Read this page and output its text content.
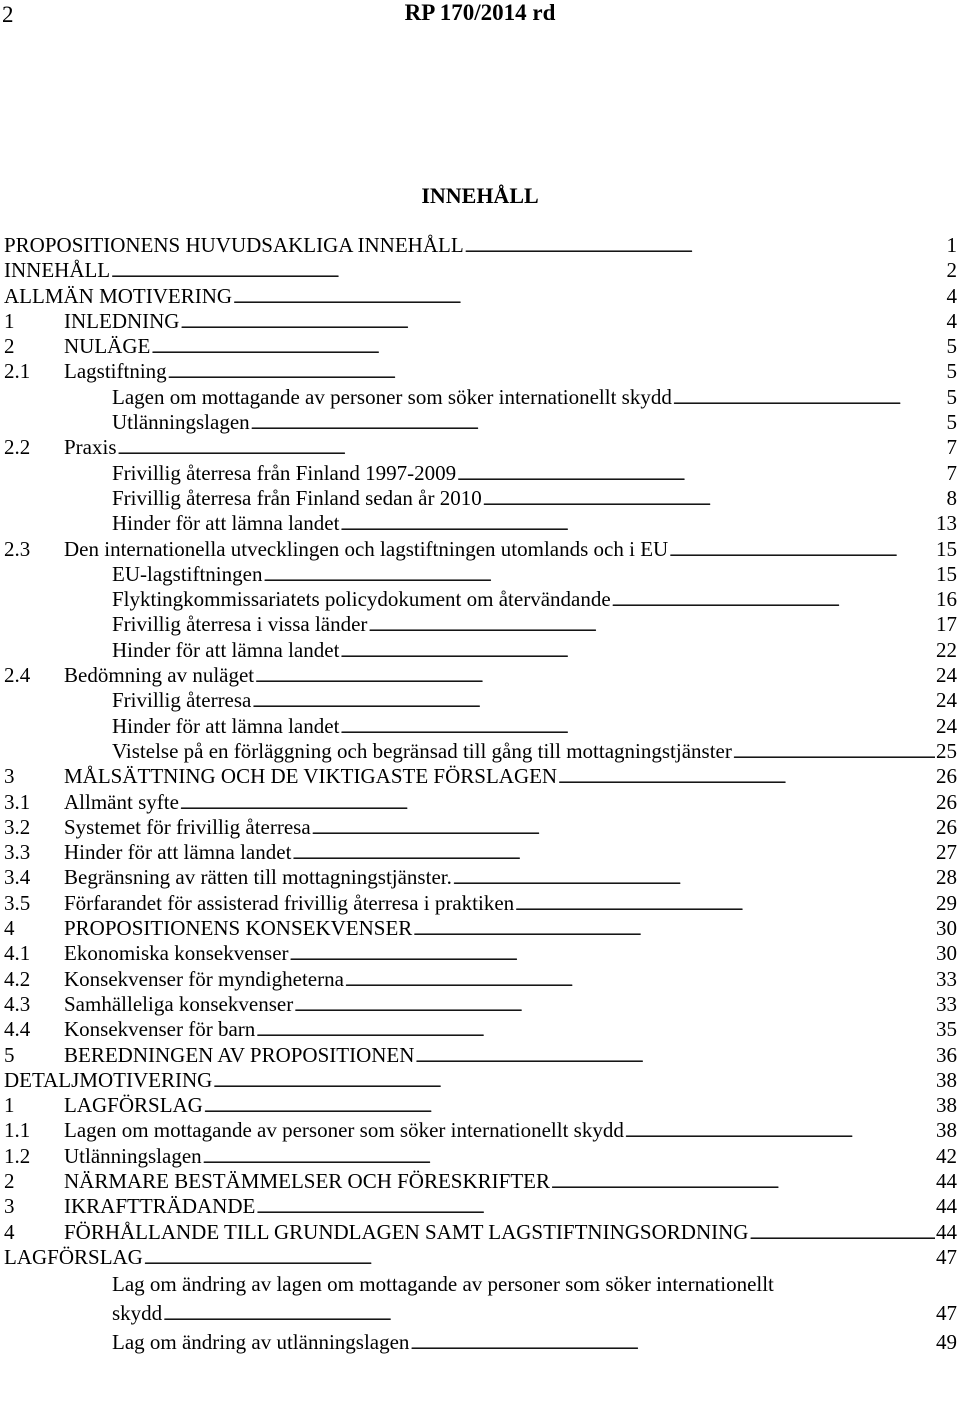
2	RP 170/2014 rd
INNEHÅLL
PROPOSITIONENS HUVUDSAKLIGA INNEHÅLL . . .	1
INNEHÅLL . . .	2
ALLMÄN MOTIVERING . . .	4
1	INLEDNING . . .	4
2	NULÄGE . . .	5
2.1	Lagstiftning . . .	5
Lagen om mottagande av personer som söker internationellt skydd . . .	5
Utlänningslagen . . .	5
2.2	Praxis . . .	7
Frivillig återresa från Finland 1997-2009 . . .	7
Frivillig återresa från Finland sedan år 2010 . . .	8
Hinder för att lämna landet . . .	13
2.3	Den internationella utvecklingen och lagstiftningen utomlands och i EU . . .	15
EU-lagstiftningen . . .	15
Flyktingkommissariatets policydokument om återvändande . . .	16
Frivillig återresa i vissa länder . . .	17
Hinder för att lämna landet . . .	22
2.4	Bedömning av nuläget . . .	24
Frivillig återresa . . .	24
Hinder för att lämna landet . . .	24
Vistelse på en förläggning och begränsad till gång till mottagningstjänster . . .	25
3	MÅLSÄTTNING OCH DE VIKTIGASTE FÖRSLAGEN . . .	26
3.1	Allmänt syfte . . .	26
3.2	Systemet för frivillig återresa . . .	26
3.3	Hinder för att lämna landet . . .	27
3.4	Begränsning av rätten till mottagningstjänster. . . .	28
3.5	Förfarandet för assisterad frivillig återresa i praktiken . . .	29
4	PROPOSITIONENS KONSEKVENSER . . .	30
4.1	Ekonomiska konsekvenser . . .	30
4.2	Konsekvenser för myndigheterna . . .	33
4.3	Samhälleliga konsekvenser . . .	33
4.4	Konsekvenser för barn . . .	35
5	BEREDNINGEN AV PROPOSITIONEN . . .	36
DETALJMOTIVERING . . .	38
1	LAGFÖRSLAG . . .	38
1.1	Lagen om mottagande av personer som söker internationellt skydd . . .	38
1.2	Utlänningslagen . . .	42
2	NÄRMARE BESTÄMMELSER OCH FÖRESKRIFTER . . .	44
3	IKRAFTTRÄDANDE . . .	44
4	FÖRHÅLLANDE TILL GRUNDLAGEN SAMT LAGSTIFTNINGSORDNING . . .	44
LAGFÖRSLAG . . .	47
Lag om ändring av lagen om mottagande av personer som söker internationellt
skydd . . .	47
Lag om ändring av utlänningslagen . . .	49
